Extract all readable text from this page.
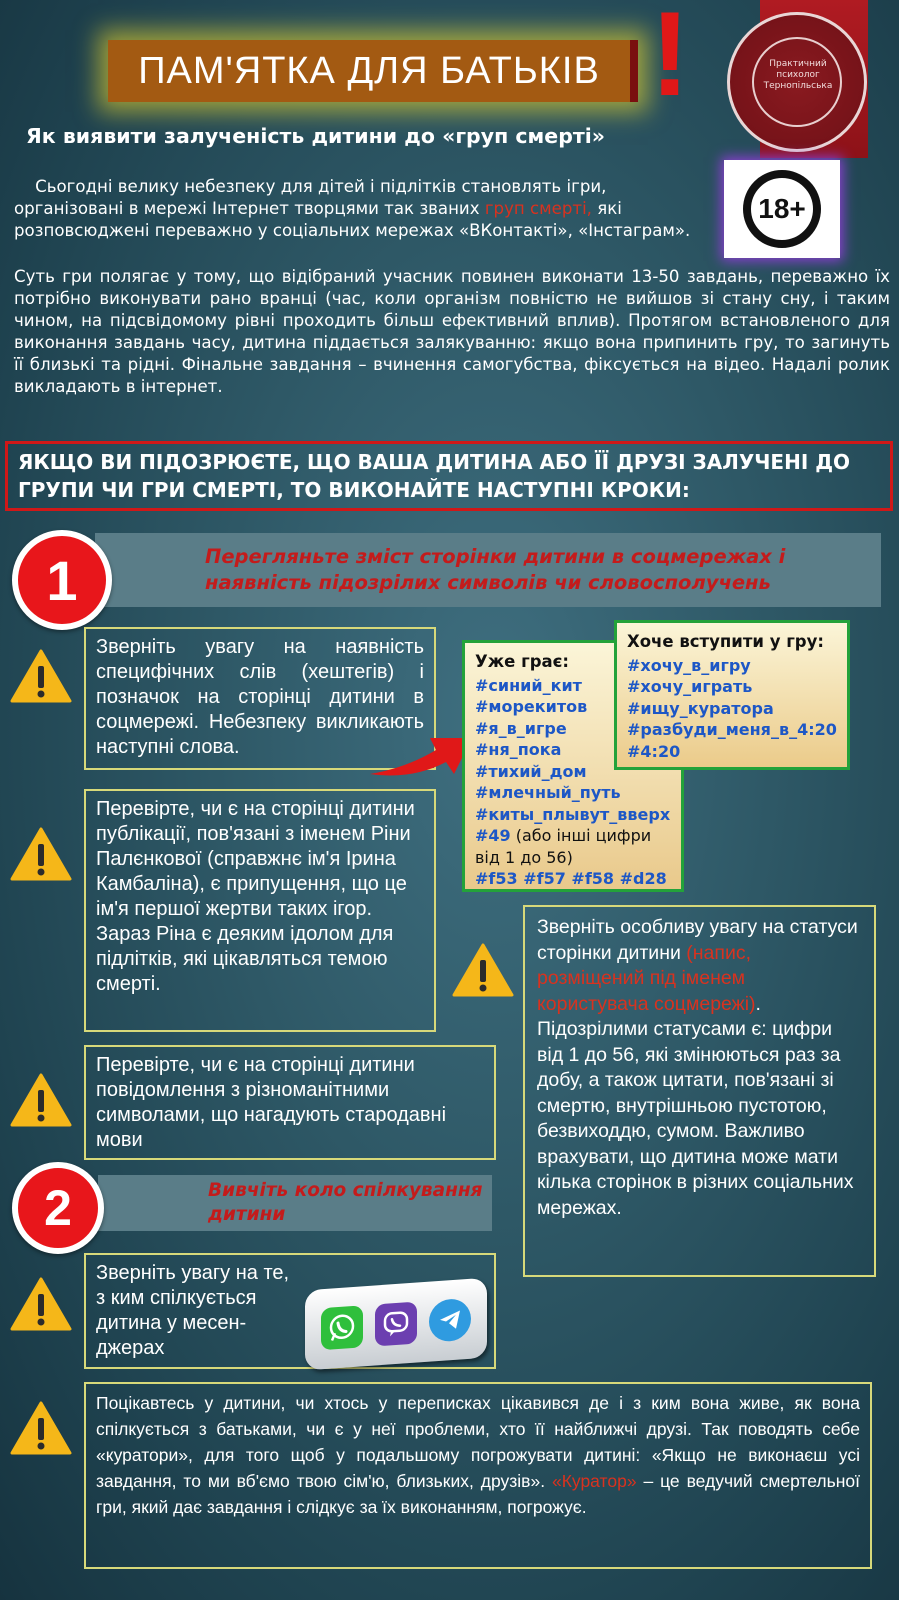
Практичний психолог Тернопільська
ПАМ'ЯТКА ДЛЯ БАТЬКІВ !
Як виявити залученість дитини до «груп смерті»
18+
Сьогодні велику небезпеку для дітей і підлітків становлять ігри, організовані в мережі Інтернет творцями так званих груп смерті, які розповсюджені переважно у соціальних мережах «ВКонтакті», «Інстаграм».
Суть гри полягає у тому, що відібраний учасник повинен виконати 13-50 завдань, переважно їх потрібно виконувати рано вранці (час, коли організм повністю не вийшов зі стану сну, і таким чином, на підсвідомому рівні проходить більш ефективний вплив). Протягом встановленого для виконання завдань часу, дитина піддається залякуванню: якщо вона припинить гру, то загинуть її близькі та рідні. Фінальне завдання – вчинення самогубства, фіксується на відео. Надалі ролик викладають в інтернет.
ЯКЩО ВИ ПІДОЗРЮЄТЕ, ЩО ВАША ДИТИНА АБО ЇЇ ДРУЗІ ЗАЛУЧЕНІ ДО ГРУПИ ЧИ ГРИ СМЕРТІ, ТО ВИКОНАЙТЕ НАСТУПНІ КРОКИ:
Перегляньте зміст сторінки дитини в соцмережах і наявність підозрілих символів чи словосполучень
1
Зверніть увагу на наявність специфічних слів (хештегів) і позначок на сторінці дитини в соцмережі. Небезпеку викликають наступні слова.
Перевірте, чи є на сторінці дитини публікації, пов'язані з іменем Ріни Палєнкової (справжнє ім'я Ірина Камбаліна), є припущення, що це ім'я першої жертви таких ігор. Зараз Ріна є деяким ідолом для підлітків, які цікавляться темою смерті.
Перевірте, чи є на сторінці дитини повідомлення з різноманітними символами, що нагадують стародавні мови
Уже грає:
#синий_кит
#морекитов
#я_в_игре
#ня_пока
#тихий_дом
#млечный_путь
#киты_плывут_вверх
#49 (або інші цифри від 1 до 56)
#f53 #f57 #f58 #d28
Хоче вступити у гру:
#хочу_в_игру
#хочу_играть
#ищу_куратора
#разбуди_меня_в_4:20
#4:20
Зверніть особливу увагу на статуси сторінки дитини (напис, розміщений під іменем користувача соцмережі). Підозрілими статусами є: цифри від 1 до 56, які змінюються раз за добу, а також цитати, пов'язані зі смертю, внутрішньою пустотою, безвиходдю, сумом. Важливо врахувати, що дитина може мати кілька сторінок в різних соціальних мережах.
Вивчіть коло спілкування дитини
2
Зверніть увагу на те, з ким спілкується дитина у месен-джерах
Поцікавтесь у дитини, чи хтось у переписках цікавився де і з ким вона живе, як вона спілкується з батьками, чи є у неї проблеми, хто її найближчі друзі. Так поводять себе «куратори», для того щоб у подальшому погрожувати дитині: «Якщо не виконаєш усі завдання, то ми вб'ємо твою сім'ю, близьких, друзів». «Куратор» – це ведучий смертельної гри, який дає завдання і слідкує за їх виконанням, погрожує.
